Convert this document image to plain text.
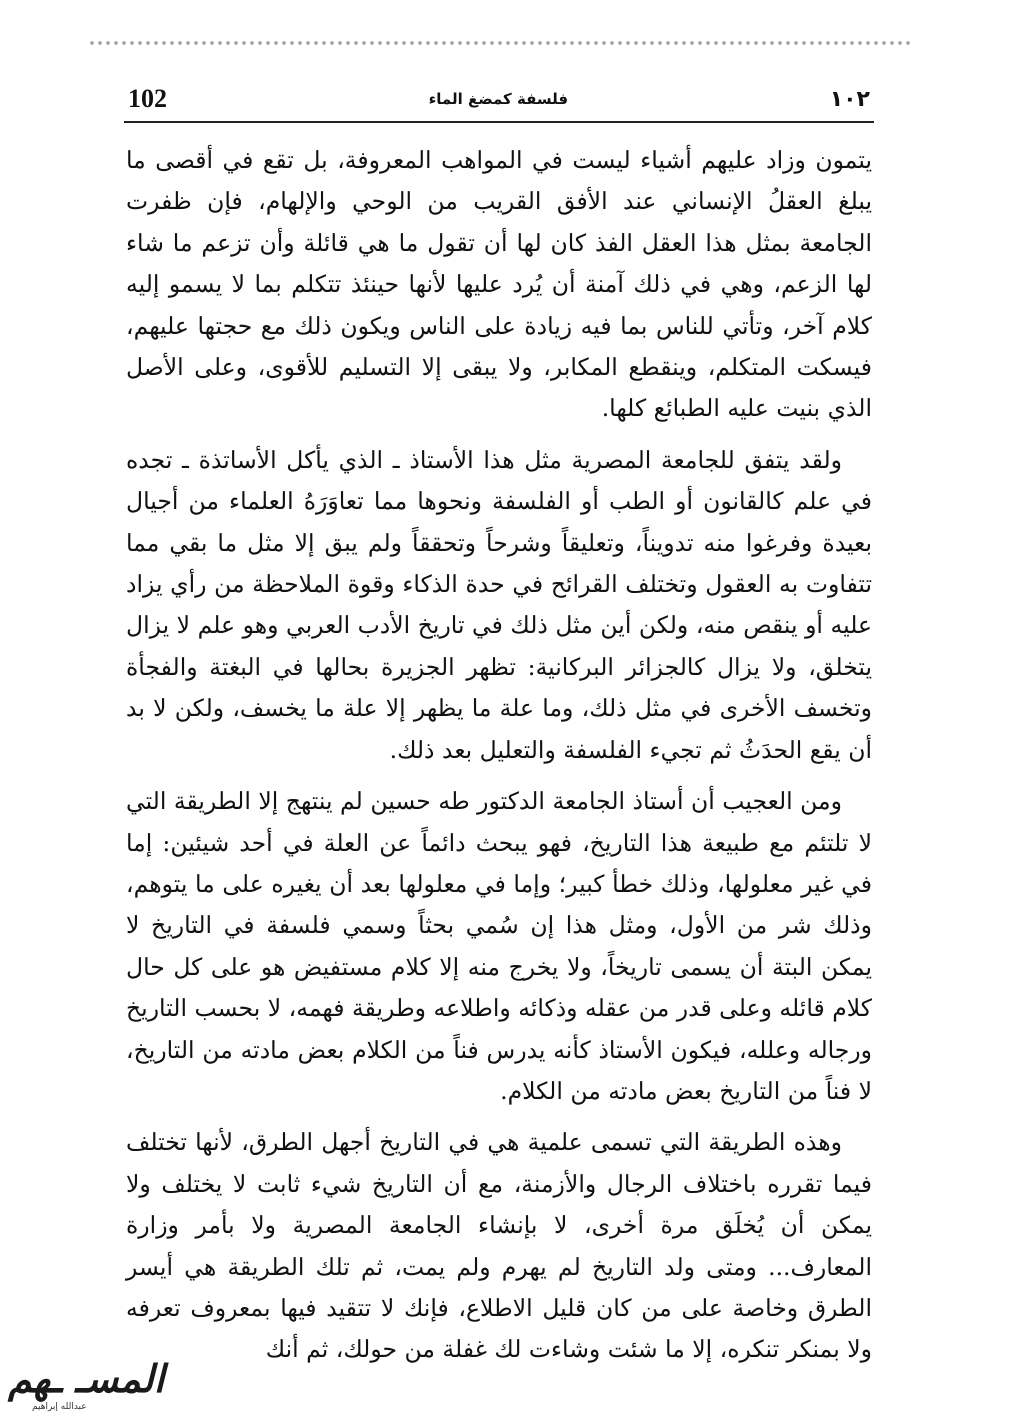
102	فلسفة كمضغ الماء	١٠٢

يتمون وزاد عليهم أشياء ليست في المواهب المعروفة، بل تقع في أقصى ما يبلغ العقلُ الإنساني عند الأفق القريب من الوحي والإلهام، فإن ظفرت الجامعة بمثل هذا العقل الفذ كان لها أن تقول ما هي قائلة وأن تزعم ما شاء لها الزعم، وهي في ذلك آمنة أن يُرد عليها لأنها حينئذ تتكلم بما لا يسمو إليه كلام آخر، وتأتي للناس بما فيه زيادة على الناس ويكون ذلك مع حجتها عليهم، فيسكت المتكلم، وينقطع المكابر، ولا يبقى إلا التسليم للأقوى، وعلى الأصل الذي بنيت عليه الطبائع كلها.

ولقد يتفق للجامعة المصرية مثل هذا الأستاذ ـ الذي يأكل الأساتذة ـ تجده في علم كالقانون أو الطب أو الفلسفة ونحوها مما تعاوَرَهُ العلماء من أجيال بعيدة وفرغوا منه تدويناً، وتعليقاً وشرحاً وتحققاً ولم يبق إلا مثل ما بقي مما تتفاوت به العقول وتختلف القرائح في حدة الذكاء وقوة الملاحظة من رأي يزاد عليه أو ينقص منه، ولكن أين مثل ذلك في تاريخ الأدب العربي وهو علم لا يزال يتخلق، ولا يزال كالجزائر البركانية: تظهر الجزيرة بحالها في البغتة والفجأة وتخسف الأخرى في مثل ذلك، وما علة ما يظهر إلا علة ما يخسف، ولكن لا بد أن يقع الحدَثُ ثم تجيء الفلسفة والتعليل بعد ذلك.

ومن العجيب أن أستاذ الجامعة الدكتور طه حسين لم ينتهج إلا الطريقة التي لا تلتئم مع طبيعة هذا التاريخ، فهو يبحث دائماً عن العلة في أحد شيئين: إما في غير معلولها، وذلك خطأ كبير؛ وإما في معلولها بعد أن يغيره على ما يتوهم، وذلك شر من الأول، ومثل هذا إن سُمي بحثاً وسمي فلسفة في التاريخ لا يمكن البتة أن يسمى تاريخاً، ولا يخرج منه إلا كلام مستفيض هو على كل حال كلام قائله وعلى قدر من عقله وذكائه واطلاعه وطريقة فهمه، لا بحسب التاريخ ورجاله وعلله، فيكون الأستاذ كأنه يدرس فناً من الكلام بعض مادته من التاريخ، لا فناً من التاريخ بعض مادته من الكلام.

وهذه الطريقة التي تسمى علمية هي في التاريخ أجهل الطرق، لأنها تختلف فيما تقرره باختلاف الرجال والأزمنة، مع أن التاريخ شيء ثابت لا يختلف ولا يمكن أن يُخلَق مرة أخرى، لا بإنشاء الجامعة المصرية ولا بأمر وزارة المعارف... ومتى ولد التاريخ لم يهرم ولم يمت، ثم تلك الطريقة هي أيسر الطرق وخاصة على من كان قليل الاطلاع، فإنك لا تتقيد فيها بمعروف تعرفه ولا بمنكر تنكره، إلا ما شئت وشاءت لك غفلة من حولك، ثم أنك

المسـ ـهم
عبدالله إبراهيم
